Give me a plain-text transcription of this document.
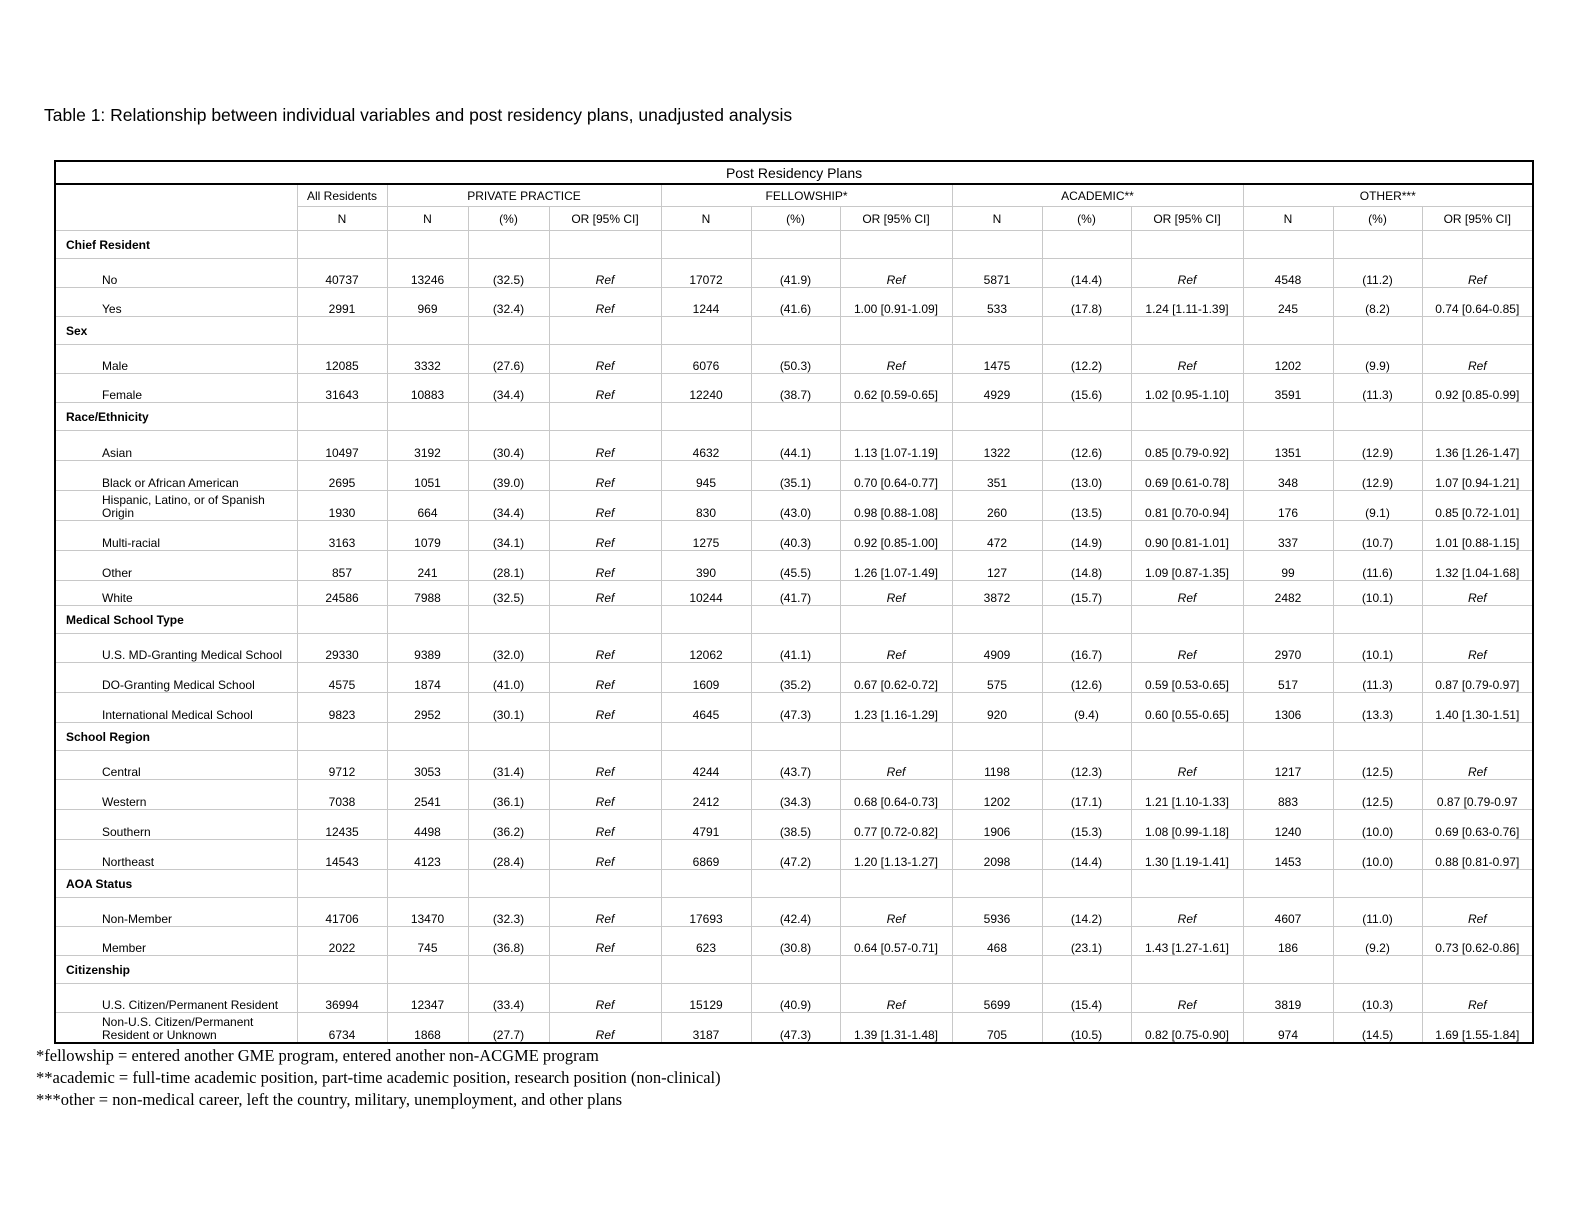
Table 1: Relationship between individual variables and post residency plans, unadjusted analysis
Post Residency Plans													
	All Residents	PRIVATE PRACTICE			FELLOWSHIP*			ACADEMIC**			OTHER***		
	N	N	(%)	OR [95% CI]	N	(%)	OR [95% CI]	N	(%)	OR [95% CI]	N	(%)	OR [95% CI]
Chief Resident													
No	40737	13246	(32.5)	Ref	17072	(41.9)	Ref	5871	(14.4)	Ref	4548	(11.2)	Ref
Yes	2991	969	(32.4)	Ref	1244	(41.6)	1.00 [0.91-1.09]	533	(17.8)	1.24 [1.11-1.39]	245	(8.2)	0.74 [0.64-0.85]
Sex													
Male	12085	3332	(27.6)	Ref	6076	(50.3)	Ref	1475	(12.2)	Ref	1202	(9.9)	Ref
Female	31643	10883	(34.4)	Ref	12240	(38.7)	0.62 [0.59-0.65]	4929	(15.6)	1.02 [0.95-1.10]	3591	(11.3)	0.92 [0.85-0.99]
Race/Ethnicity													
Asian	10497	3192	(30.4)	Ref	4632	(44.1)	1.13 [1.07-1.19]	1322	(12.6)	0.85 [0.79-0.92]	1351	(12.9)	1.36 [1.26-1.47]
Black or African American	2695	1051	(39.0)	Ref	945	(35.1)	0.70 [0.64-0.77]	351	(13.0)	0.69 [0.61-0.78]	348	(12.9)	1.07 [0.94-1.21]
Hispanic, Latino, or of Spanish Origin	1930	664	(34.4)	Ref	830	(43.0)	0.98 [0.88-1.08]	260	(13.5)	0.81 [0.70-0.94]	176	(9.1)	0.85 [0.72-1.01]
Multi-racial	3163	1079	(34.1)	Ref	1275	(40.3)	0.92 [0.85-1.00]	472	(14.9)	0.90 [0.81-1.01]	337	(10.7)	1.01 [0.88-1.15]
Other	857	241	(28.1)	Ref	390	(45.5)	1.26 [1.07-1.49]	127	(14.8)	1.09 [0.87-1.35]	99	(11.6)	1.32 [1.04-1.68]
White	24586	7988	(32.5)	Ref	10244	(41.7)	Ref	3872	(15.7)	Ref	2482	(10.1)	Ref
Medical School Type													
U.S. MD-Granting Medical School	29330	9389	(32.0)	Ref	12062	(41.1)	Ref	4909	(16.7)	Ref	2970	(10.1)	Ref
DO-Granting Medical School	4575	1874	(41.0)	Ref	1609	(35.2)	0.67 [0.62-0.72]	575	(12.6)	0.59 [0.53-0.65]	517	(11.3)	0.87 [0.79-0.97]
International Medical School	9823	2952	(30.1)	Ref	4645	(47.3)	1.23 [1.16-1.29]	920	(9.4)	0.60 [0.55-0.65]	1306	(13.3)	1.40 [1.30-1.51]
School Region													
Central	9712	3053	(31.4)	Ref	4244	(43.7)	Ref	1198	(12.3)	Ref	1217	(12.5)	Ref
Western	7038	2541	(36.1)	Ref	2412	(34.3)	0.68 [0.64-0.73]	1202	(17.1)	1.21 [1.10-1.33]	883	(12.5)	0.87 [0.79-0.97
Southern	12435	4498	(36.2)	Ref	4791	(38.5)	0.77 [0.72-0.82]	1906	(15.3)	1.08 [0.99-1.18]	1240	(10.0)	0.69 [0.63-0.76]
Northeast	14543	4123	(28.4)	Ref	6869	(47.2)	1.20 [1.13-1.27]	2098	(14.4)	1.30 [1.19-1.41]	1453	(10.0)	0.88 [0.81-0.97]
AOA Status													
Non-Member	41706	13470	(32.3)	Ref	17693	(42.4)	Ref	5936	(14.2)	Ref	4607	(11.0)	Ref
Member	2022	745	(36.8)	Ref	623	(30.8)	0.64 [0.57-0.71]	468	(23.1)	1.43 [1.27-1.61]	186	(9.2)	0.73 [0.62-0.86]
Citizenship													
U.S. Citizen/Permanent Resident	36994	12347	(33.4)	Ref	15129	(40.9)	Ref	5699	(15.4)	Ref	3819	(10.3)	Ref
Non-U.S. Citizen/Permanent Resident or Unknown	6734	1868	(27.7)	Ref	3187	(47.3)	1.39 [1.31-1.48]	705	(10.5)	0.82 [0.75-0.90]	974	(14.5)	1.69 [1.55-1.84]
*fellowship = entered another GME program, entered another non-ACGME program
**academic = full-time academic position, part-time academic position, research position (non-clinical)
***other = non-medical career, left the country, military, unemployment, and other plans
